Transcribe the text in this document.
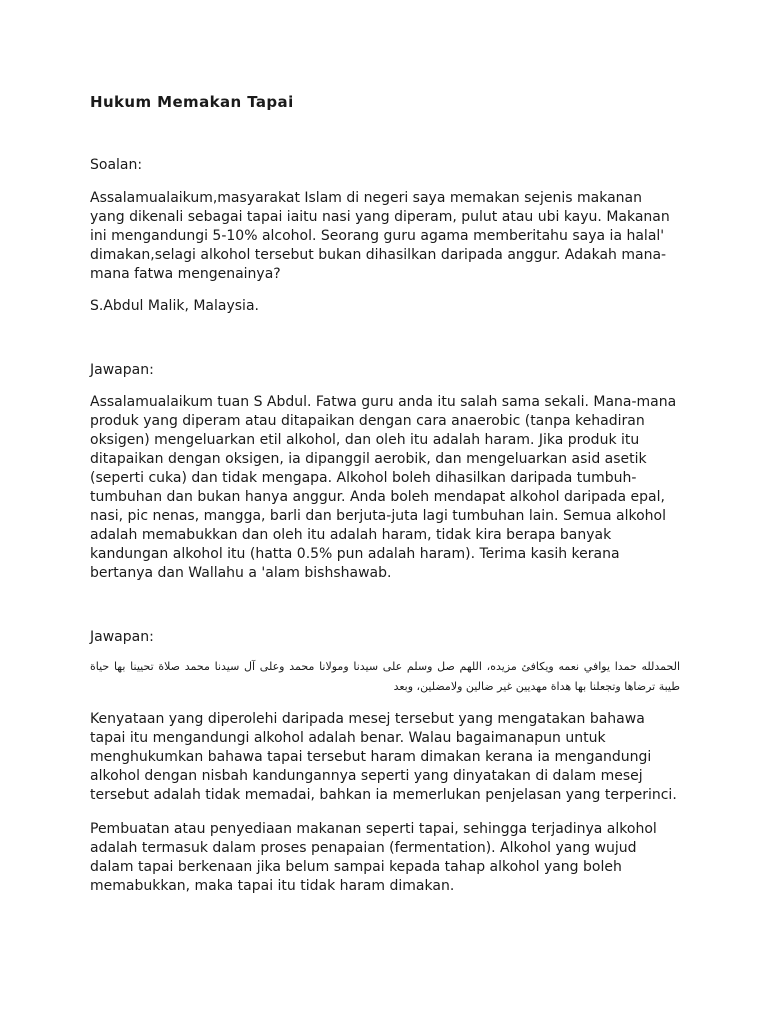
Hukum Memakan Tapai

Soalan:

Assalamualaikum,masyarakat Islam di negeri saya memakan sejenis makanan yang dikenali sebagai tapai iaitu nasi yang diperam, pulut atau ubi kayu. Makanan ini mengandungi 5-10% alcohol. Seorang guru agama memberitahu saya ia halal' dimakan,selagi alkohol tersebut bukan dihasilkan daripada anggur. Adakah mana-mana fatwa mengenainya?

S.Abdul Malik, Malaysia.

Jawapan:

Assalamualaikum tuan S Abdul. Fatwa guru anda itu salah sama sekali. Mana-mana produk yang diperam atau ditapaikan dengan cara anaerobic (tanpa kehadiran oksigen) mengeluarkan etil alkohol, dan oleh itu adalah haram. Jika produk itu ditapaikan dengan oksigen, ia dipanggil aerobik, dan mengeluarkan asid asetik (seperti cuka) dan tidak mengapa. Alkohol boleh dihasilkan daripada tumbuh-tumbuhan dan bukan hanya anggur. Anda boleh mendapat alkohol daripada epal, nasi, pic nenas, mangga, barli dan berjuta-juta lagi tumbuhan lain. Semua alkohol adalah memabukkan dan oleh itu adalah haram, tidak kira berapa banyak kandungan alkohol itu (hatta 0.5% pun adalah haram). Terima kasih kerana bertanya dan Wallahu a 'alam bishshawab.

Jawapan:

الحمدلله حمدا يوافي نعمه ويكافئ مزيده، اللهم صل وسلم على سيدنا ومولانا محمد وعلى آل سيدنا محمد صلاة تحيينا بها حياة طيبة ترضاها وتجعلنا بها هداة مهديين غير ضالين ولامضلين، وبعد

Kenyataan yang diperolehi daripada mesej tersebut yang mengatakan bahawa tapai itu mengandungi alkohol adalah benar. Walau bagaimanapun untuk menghukumkan bahawa tapai tersebut haram dimakan kerana ia mengandungi alkohol dengan nisbah kandungannya seperti yang dinyatakan di dalam mesej tersebut adalah tidak memadai, bahkan ia memerlukan penjelasan yang terperinci.

Pembuatan atau penyediaan makanan seperti tapai, sehingga terjadinya alkohol adalah termasuk dalam proses penapaian (fermentation). Alkohol yang wujud dalam tapai berkenaan jika belum sampai kepada tahap alkohol yang boleh memabukkan, maka tapai itu tidak haram dimakan.
